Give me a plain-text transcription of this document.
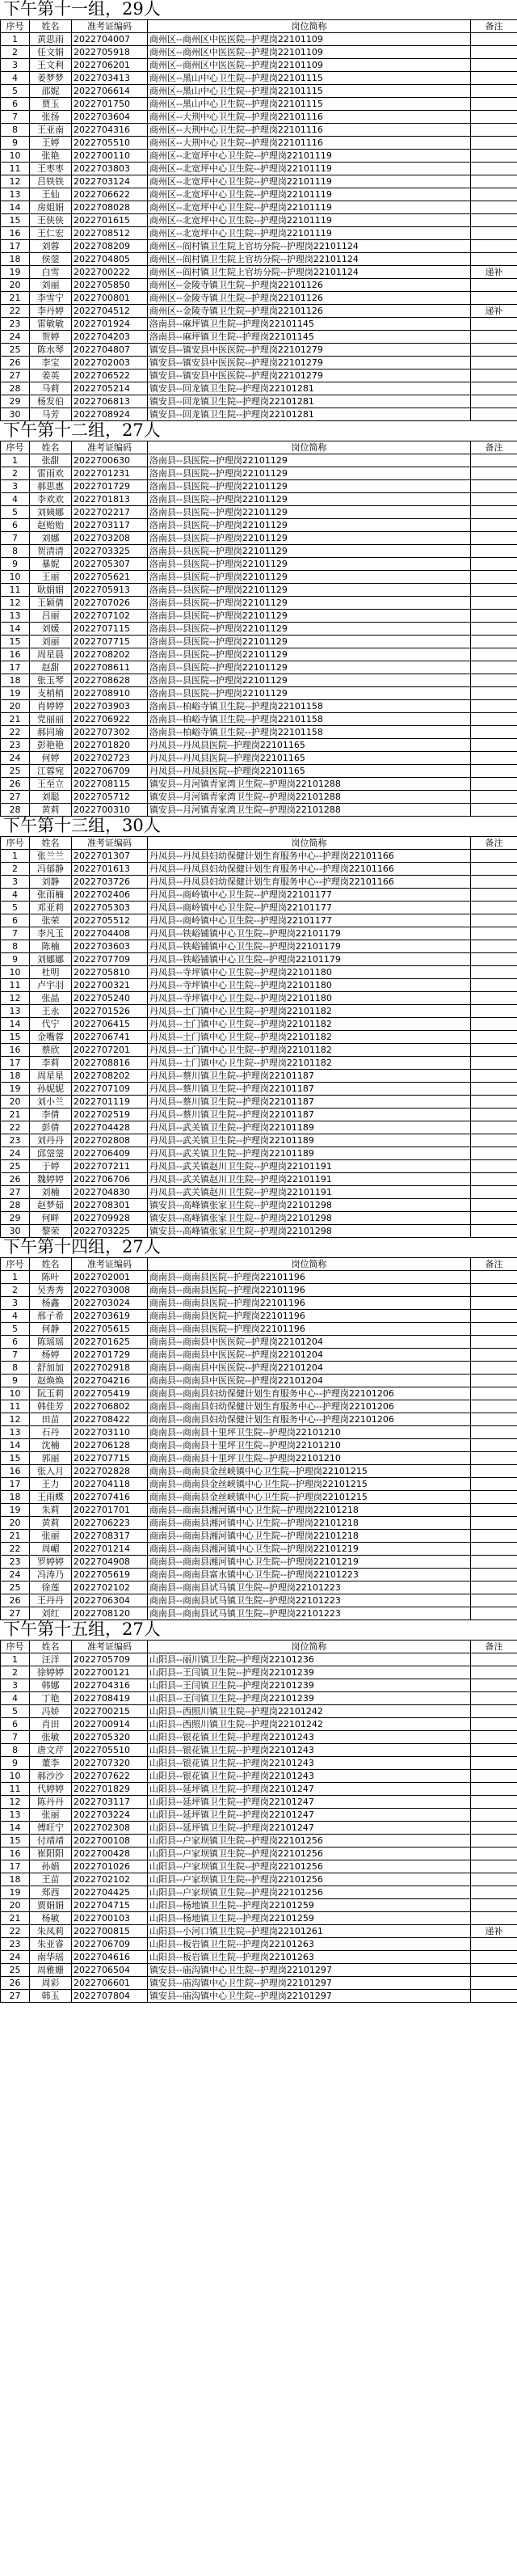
下午第十一组，29人
序号	姓名	准考证编码	岗位简称	备注
1	黄思雨	2022704007	商州区--商州区中医医院--护理岗22101109	
2	任文娟	2022705918	商州区--商州区中医医院--护理岗22101109	
3	王文利	2022706201	商州区--商州区中医医院--护理岗22101109	
4	姜梦梦	2022703413	商州区--黑山中心卫生院--护理岗22101115	
5	邵妮	2022706614	商州区--黑山中心卫生院--护理岗22101115	
6	贾玉	2022701750	商州区--黑山中心卫生院--护理岗22101115	
7	张扬	2022703604	商州区--大荆中心卫生院--护理岗22101116	
8	王亚南	2022704316	商州区--大荆中心卫生院--护理岗22101116	
9	王婷	2022705510	商州区--大荆中心卫生院--护理岗22101116	
10	张艳	2022700110	商州区--北宽坪中心卫生院--护理岗22101119	
11	王枣枣	2022703803	商州区--北宽坪中心卫生院--护理岗22101119	
12	吕铁铁	2022703124	商州区--北宽坪中心卫生院--护理岗22101119	
13	王仙	2022706622	商州区--北宽坪中心卫生院--护理岗22101119	
14	房姐娟	2022708028	商州区--北宽坪中心卫生院--护理岗22101119	
15	王侠侠	2022701615	商州区--北宽坪中心卫生院--护理岗22101119	
16	王仁宏	2022708512	商州区--北宽坪中心卫生院--护理岗22101119	
17	刘蓉	2022708209	商州区--阎村镇卫生院上官坊分院--护理岗22101124	
18	侯蓥	2022704805	商州区--阎村镇卫生院上官坊分院--护理岗22101124	
19	白雪	2022700222	商州区--阎村镇卫生院上官坊分院--护理岗22101124	递补
20	刘丽	2022705850	商州区--金陵寺镇卫生院--护理岗22101126	
21	李雪宁	2022700801	商州区--金陵寺镇卫生院--护理岗22101126	
22	李丹婷	2022704512	商州区--金陵寺镇卫生院--护理岗22101126	递补
23	雷敏敏	2022701924	洛南县--麻坪镇卫生院--护理岗22101145	
24	贺婷	2022704203	洛南县--麻坪镇卫生院--护理岗22101145	
25	陈水琴	2022704807	镇安县--镇安县中医医院--护理岗22101279	
26	李宝	2022702003	镇安县--镇安县中医医院--护理岗22101279	
27	姜英	2022706522	镇安县--镇安县中医医院--护理岗22101279	
28	马莉	2022705214	镇安县--回龙镇卫生院--护理岗22101281	
29	杨发伯	2022706813	镇安县--回龙镇卫生院--护理岗22101281	
30	马芳	2022708924	镇安县--回龙镇卫生院--护理岗22101281	
下午第十二组，27人
序号	姓名	准考证编码	岗位简称	备注
1	张甜	2022700630	洛南县--县医院--护理岗22101129	
2	雷雨欢	2022701231	洛南县--县医院--护理岗22101129	
3	郝思惠	2022701729	洛南县--县医院--护理岗22101129	
4	李欢欢	2022701813	洛南县--县医院--护理岗22101129	
5	刘姨娜	2022702217	洛南县--县医院--护理岗22101129	
6	赵贻贻	2022703117	洛南县--县医院--护理岗22101129	
7	刘娜	2022703208	洛南县--县医院--护理岗22101129	
8	贺清清	2022703325	洛南县--县医院--护理岗22101129	
9	暴妮	2022705307	洛南县--县医院--护理岗22101129	
10	王丽	2022705621	洛南县--县医院--护理岗22101129	
11	耿娟娟	2022705913	洛南县--县医院--护理岗22101129	
12	王颖倩	2022707026	洛南县--县医院--护理岗22101129	
13	吕丽	2022707102	洛南县--县医院--护理岗22101129	
14	刘媛	2022707115	洛南县--县医院--护理岗22101129	
15	刘丽	2022707715	洛南县--县医院--护理岗22101129	
16	周星晨	2022708202	洛南县--县医院--护理岗22101129	
17	赵甜	2022708611	洛南县--县医院--护理岗22101129	
18	张玉琴	2022708628	洛南县--县医院--护理岗22101129	
19	支梢梢	2022708910	洛南县--县医院--护理岗22101129	
20	肖婷婷	2022703903	洛南县--柏峪寺镇卫生院--护理岗22101158	
21	党丽丽	2022706922	洛南县--柏峪寺镇卫生院--护理岗22101158	
22	郝同瑜	2022707302	洛南县--柏峪寺镇卫生院--护理岗22101158	
23	彭艳艳	2022701820	丹凤县--丹凤县医院--护理岗22101165	
24	何婷	2022702723	丹凤县--丹凤县医院--护理岗22101165	
25	江蓉宛	2022706709	丹凤县--丹凤县医院--护理岗22101165	
26	王至立	2022708115	镇安县--月河镇青家湾卫生院--护理岗22101288	
27	刘聪	2022705712	镇安县--月河镇青家湾卫生院--护理岗22101288	
28	黄莉	2022700310	镇安县--月河镇青家湾卫生院--护理岗22101288	
下午第十三组，30人
序号	姓名	准考证编码	岗位简称	备注
1	张兰兰	2022701307	丹凤县--丹凤县妇幼保健计划生育服务中心--护理岗22101166	
2	冯郁静	2022701613	丹凤县--丹凤县妇幼保健计划生育服务中心--护理岗22101166	
3	刘静	2022703726	丹凤县--丹凤县妇幼保健计划生育服务中心--护理岗22101166	
4	张雨楠	2022702406	丹凤县--商岭镇中心卫生院--护理岗22101177	
5	邓亚莉	2022705303	丹凤县--商岭镇中心卫生院--护理岗22101177	
6	张荣	2022705512	丹凤县--商岭镇中心卫生院--护理岗22101177	
7	李凡玉	2022704408	丹凤县--铁峪铺镇中心卫生院--护理岗22101179	
8	陈楠	2022703603	丹凤县--铁峪铺镇中心卫生院--护理岗22101179	
9	刘娜娜	2022707709	丹凤县--铁峪铺镇中心卫生院--护理岗22101179	
10	杜明	2022705810	丹凤县--寺坪镇中心卫生院--护理岗22101180	
11	卢宇羽	2022700321	丹凤县--寺坪镇中心卫生院--护理岗22101180	
12	张晶	2022705240	丹凤县--寺坪镇中心卫生院--护理岗22101180	
13	王永	2022701526	丹凤县--土门镇中心卫生院--护理岗22101182	
14	代宁	2022706415	丹凤县--土门镇中心卫生院--护理岗22101182	
15	金嘴蓉	2022706741	丹凤县--土门镇中心卫生院--护理岗22101182	
16	蔡欣	2022707201	丹凤县--土门镇中心卫生院--护理岗22101182	
17	李莉	2022708816	丹凤县--土门镇中心卫生院--护理岗22101182	
18	周星星	2022708202	丹凤县--蔡川镇卫生院--护理岗22101187	
19	孙妮妮	2022707109	丹凤县--蔡川镇卫生院--护理岗22101187	
20	刘小兰	2022701119	丹凤县--蔡川镇卫生院--护理岗22101187	
21	李倩	2022702519	丹凤县--蔡川镇卫生院--护理岗22101187	
22	彭倩	2022704428	丹凤县--武关镇卫生院--护理岗22101189	
23	刘丹丹	2022702808	丹凤县--武关镇卫生院--护理岗22101189	
24	邱蓥蓥	2022706409	丹凤县--武关镇卫生院--护理岗22101189	
25	于婷	2022707211	丹凤县--武关镇赵川卫生院--护理岗22101191	
26	魏婷婷	2022706706	丹凤县--武关镇赵川卫生院--护理岗22101191	
27	刘楠	2022704830	丹凤县--武关镇赵川卫生院--护理岗22101191	
28	赵梦茹	2022708301	镇安县--高峰镇张家卫生院--护理岗22101298	
29	何畔	2022709928	镇安县--高峰镇张家卫生院--护理岗22101298	
30	黎荣	2022703225	镇安县--高峰镇张家卫生院--护理岗22101298	
下午第十四组，27人
序号	姓名	准考证编码	岗位简称	备注
1	陈叶	2022702001	商南县--商南县医院--护理岗22101196	
2	吴秀秀	2022703008	商南县--商南县医院--护理岗22101196	
3	杨鑫	2022703024	商南县--商南县医院--护理岗22101196	
4	邢子希	2022703619	商南县--商南县医院--护理岗22101196	
5	何静	2022705615	商南县--商南县医院--护理岗22101196	
6	陈瑶瑶	2022701625	商南县--商南县中医医院--护理岗22101204	
7	杨婷	2022701729	商南县--商南县中医医院--护理岗22101204	
8	舒加加	2022702918	商南县--商南县中医医院--护理岗22101204	
9	赵焕焕	2022704216	商南县--商南县中医医院--护理岗22101204	
10	阮玉莉	2022705419	商南县--商南县妇幼保健计划生育服务中心--护理岗22101206	
11	韩佳芳	2022706802	商南县--商南县妇幼保健计划生育服务中心--护理岗22101206	
12	田苗	2022708422	商南县--商南县妇幼保健计划生育服务中心--护理岗22101206	
13	石丹	2022703110	商南县--商南县十里坪卫生院--护理岗22101210	
14	沈楠	2022706128	商南县--商南县十里坪卫生院--护理岗22101210	
15	郭丽	2022707715	商南县--商南县十里坪卫生院--护理岗22101210	
16	张入月	2022702828	商南县--商南县金丝峡镇中心卫生院--护理岗22101215	
17	王力	2022704118	商南县--商南县金丝峡镇中心卫生院--护理岗22101215	
18	王雨蝶	2022707416	商南县--商南县金丝峡镇中心卫生院--护理岗22101215	
19	朱莉	2022701701	商南县--商南县湘河镇中心卫生院--护理岗22101218	
20	黄莉	2022706223	商南县--商南县湘河镇中心卫生院--护理岗22101218	
21	张丽	2022708317	商南县--商南县湘河镇中心卫生院--护理岗22101218	
22	周嵋	2022701214	商南县--商南县湘河镇中心卫生院--护理岗22101219	
23	罗婷婷	2022704908	商南县--商南县湘河镇中心卫生院--护理岗22101219	
24	冯涛乃	2022705619	商南县--商南县富水镇中心卫生院--护理岗22101223	
25	徐莲	2022702102	商南县--商南县试马镇卫生院--护理岗22101223	
26	王丹丹	2022706304	商南县--商南县试马镇卫生院--护理岗22101223	
27	刘红	2022708120	商南县--商南县试马镇卫生院--护理岗22101223	
下午第十五组，27人
序号	姓名	准考证编码	岗位简称	备注
1	汪洋	2022705709	山阳县--丽川镇卫生院--护理岗22101236	
2	徐婷婷	2022700121	山阳县--王闫镇卫生院--护理岗22101239	
3	韩娜	2022704316	山阳县--王闫镇卫生院--护理岗22101239	
4	丁艳	2022708419	山阳县--王闫镇卫生院--护理岗22101239	
5	冯娇	2022700215	山阳县--西照川镇卫生院--护理岗22101242	
6	肖田	2022700914	山阳县--西照川镇卫生院--护理岗22101242	
7	张敏	2022705320	山阳县--银花镇卫生院--护理岗22101243	
8	唐文芹	2022705510	山阳县--银花镇卫生院--护理岗22101243	
9	董李	2022707320	山阳县--银花镇卫生院--护理岗22101243	
10	郝沙沙	2022707622	山阳县--银花镇卫生院--护理岗22101243	
11	代婷婷	2022701829	山阳县--延坪镇卫生院--护理岗22101247	
12	陈丹丹	2022703117	山阳县--延坪镇卫生院--护理岗22101247	
13	张丽	2022703224	山阳县--延坪镇卫生院--护理岗22101247	
14	傅旺宁	2022702308	山阳县--延坪镇卫生院--护理岗22101247	
15	付靖靖	2022700108	山阳县--户家坝镇卫生院--护理岗22101256	
16	崔阳阳	2022700428	山阳县--户家坝镇卫生院--护理岗22101256	
17	孙娟	2022701026	山阳县--户家坝镇卫生院--护理岗22101256	
18	王苗	2022702102	山阳县--户家坝镇卫生院--护理岗22101256	
19	郑西	2022704425	山阳县--户家坝镇卫生院--护理岗22101256	
20	贾娟娟	2022704715	山阳县--杨地镇卫生院--护理岗22101259	
21	杨敏	2022700103	山阳县--杨地镇卫生院--护理岗22101259	
22	朱凤莉	2022700815	山阳县--小河口镇卫生院--护理岗22101261	递补
23	朱亚睿	2022706709	山阳县--板岩镇卫生院--护理岗22101263	
24	南华瑶	2022704616	山阳县--板岩镇卫生院--护理岗22101263	
25	周雅姗	2022706504	镇安县--庙沟镇中心卫生院--护理岗22101297	
26	周彩	2022706601	镇安县--庙沟镇中心卫生院--护理岗22101297	
27	韩玉	2022707804	镇安县--庙沟镇中心卫生院--护理岗22101297	
